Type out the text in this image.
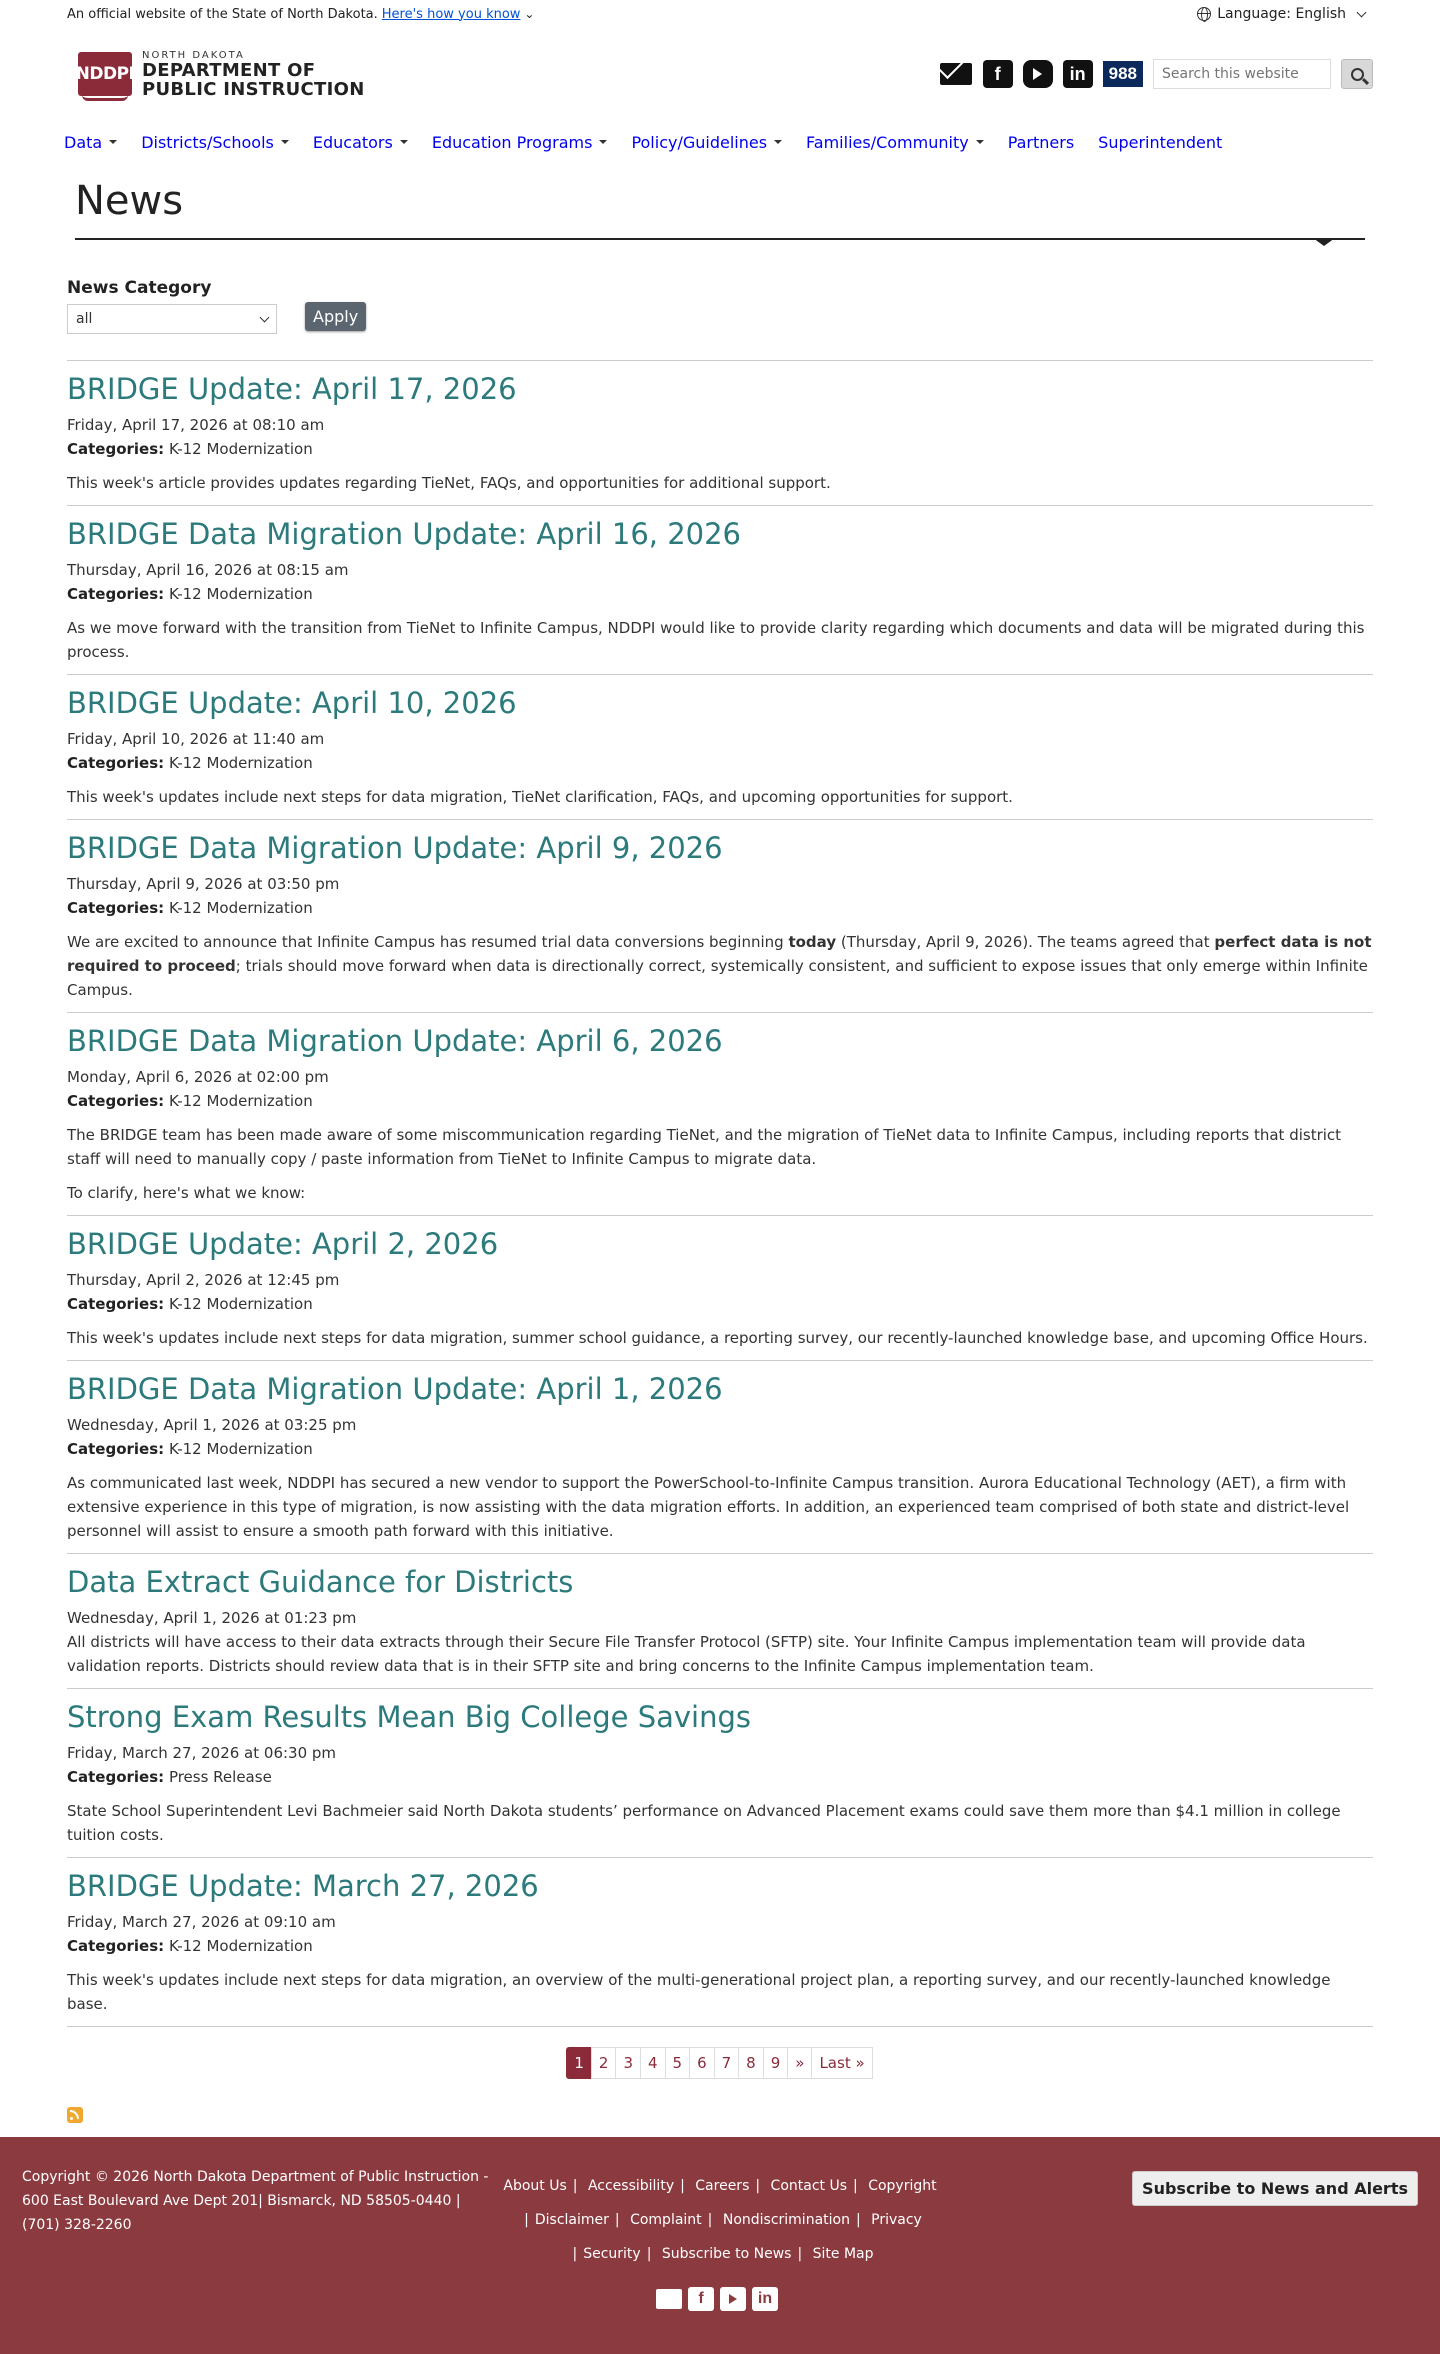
An official website of the State of North Dakota. Here's how you know ⌄	Language: English
NDDPI
NORTH DAKOTA
DEPARTMENT OF
PUBLIC INSTRUCTION
f	in	988
Search this website
Data Districts/Schools Educators Education Programs Policy/Guidelines Families/Community Partners Superintendent
News
News Category
all	Apply
BRIDGE Update: April 17, 2026
Friday, April 17, 2026 at 08:10 am
Categories: K-12 Modernization

This week's article provides updates regarding TieNet, FAQs, and opportunities for additional support.

BRIDGE Data Migration Update: April 16, 2026
Thursday, April 16, 2026 at 08:15 am
Categories: K-12 Modernization

As we move forward with the transition from TieNet to Infinite Campus, NDDPI would like to provide clarity regarding which documents and data will be migrated during this process.

BRIDGE Update: April 10, 2026
Friday, April 10, 2026 at 11:40 am
Categories: K-12 Modernization

This week's updates include next steps for data migration, TieNet clarification, FAQs, and upcoming opportunities for support.

BRIDGE Data Migration Update: April 9, 2026
Thursday, April 9, 2026 at 03:50 pm
Categories: K-12 Modernization

We are excited to announce that Infinite Campus has resumed trial data conversions beginning today (Thursday, April 9, 2026). The teams agreed that perfect data is not required to proceed; trials should move forward when data is directionally correct, systemically consistent, and sufficient to expose issues that only emerge within Infinite Campus.

BRIDGE Data Migration Update: April 6, 2026
Monday, April 6, 2026 at 02:00 pm
Categories: K-12 Modernization

The BRIDGE team has been made aware of some miscommunication regarding TieNet, and the migration of TieNet data to Infinite Campus, including reports that district staff will need to manually copy / paste information from TieNet to Infinite Campus to migrate data.

To clarify, here's what we know:

BRIDGE Update: April 2, 2026
Thursday, April 2, 2026 at 12:45 pm
Categories: K-12 Modernization

This week's updates include next steps for data migration, summer school guidance, a reporting survey, our recently-launched knowledge base, and upcoming Office Hours.

BRIDGE Data Migration Update: April 1, 2026
Wednesday, April 1, 2026 at 03:25 pm
Categories: K-12 Modernization

As communicated last week, NDDPI has secured a new vendor to support the PowerSchool-to-Infinite Campus transition. Aurora Educational Technology (AET), a firm with extensive experience in this type of migration, is now assisting with the data migration efforts. In addition, an experienced team comprised of both state and district-level personnel will assist to ensure a smooth path forward with this initiative.

Data Extract Guidance for Districts
Wednesday, April 1, 2026 at 01:23 pm

All districts will have access to their data extracts through their Secure File Transfer Protocol (SFTP) site. Your Infinite Campus implementation team will provide data validation reports. Districts should review data that is in their SFTP site and bring concerns to the Infinite Campus implementation team.

Strong Exam Results Mean Big College Savings
Friday, March 27, 2026 at 06:30 pm
Categories: Press Release

State School Superintendent Levi Bachmeier said North Dakota students’ performance on Advanced Placement exams could save them more than $4.1 million in college tuition costs.

BRIDGE Update: March 27, 2026
Friday, March 27, 2026 at 09:10 am
Categories: K-12 Modernization

This week's updates include next steps for data migration, an overview of the multi-generational project plan, a reporting survey, and our recently-launched knowledge base.

1	2	3	4	5	6	7	8	9	»	Last »
Copyright © 2026 North Dakota Department of Public Instruction - 600 East Boulevard Ave Dept 201| Bismarck, ND 58505-0440 | (701) 328-2260
About Us | Accessibility | Careers | Contact Us | Copyright
| Disclaimer | Complaint | Nondiscrimination | Privacy
| Security | Subscribe to News | Site Map
f	in
Subscribe to News and Alerts
